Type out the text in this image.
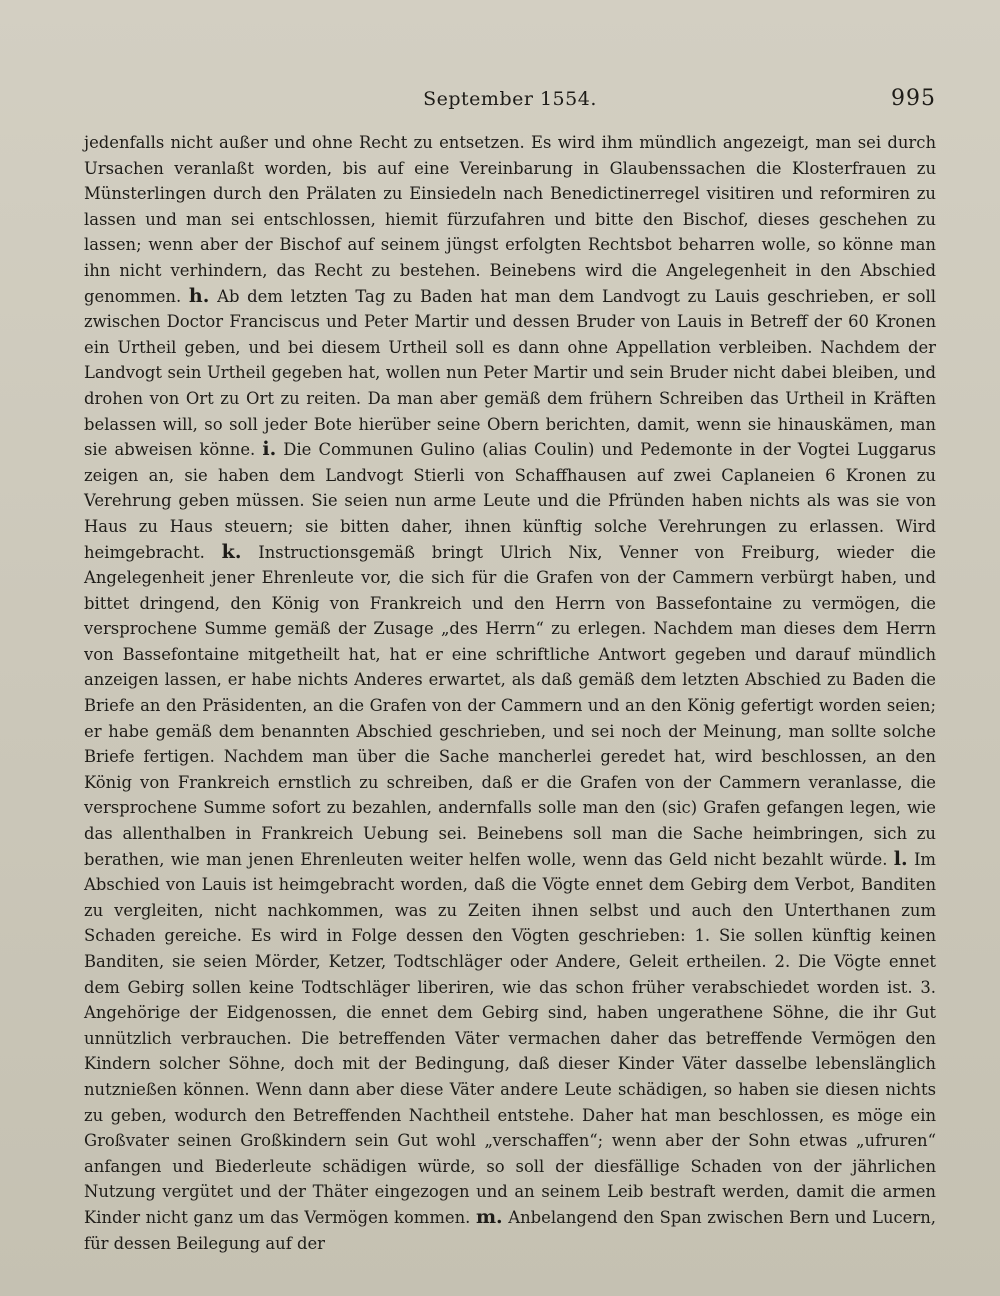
September 1554.	995

jedenfalls nicht außer und ohne Recht zu entsetzen. Es wird ihm mündlich angezeigt, man sei durch Ursachen veranlaßt worden, bis auf eine Vereinbarung in Glaubenssachen die Klosterfrauen zu Münsterlingen durch den Prälaten zu Einsiedeln nach Benedictinerregel visitiren und reformiren zu lassen und man sei entschlossen, hiemit fürzufahren und bitte den Bischof, dieses geschehen zu lassen; wenn aber der Bischof auf seinem jüngst erfolgten Rechtsbot beharren wolle, so könne man ihn nicht verhindern, das Recht zu bestehen. Beinebens wird die Angelegenheit in den Abschied genommen. h. Ab dem letzten Tag zu Baden hat man dem Landvogt zu Lauis geschrieben, er soll zwischen Doctor Franciscus und Peter Martir und dessen Bruder von Lauis in Betreff der 60 Kronen ein Urtheil geben, und bei diesem Urtheil soll es dann ohne Appellation verbleiben. Nachdem der Landvogt sein Urtheil gegeben hat, wollen nun Peter Martir und sein Bruder nicht dabei bleiben, und drohen von Ort zu Ort zu reiten. Da man aber gemäß dem frühern Schreiben das Urtheil in Kräften belassen will, so soll jeder Bote hierüber seine Obern berichten, damit, wenn sie hinauskämen, man sie abweisen könne. i. Die Communen Gulino (alias Coulin) und Pedemonte in der Vogtei Luggarus zeigen an, sie haben dem Landvogt Stierli von Schaffhausen auf zwei Caplaneien 6 Kronen zu Verehrung geben müssen. Sie seien nun arme Leute und die Pfründen haben nichts als was sie von Haus zu Haus steuern; sie bitten daher, ihnen künftig solche Verehrungen zu erlassen. Wird heimgebracht. k. Instructionsgemäß bringt Ulrich Nix, Venner von Freiburg, wieder die Angelegenheit jener Ehrenleute vor, die sich für die Grafen von der Cammern verbürgt haben, und bittet dringend, den König von Frankreich und den Herrn von Bassefontaine zu vermögen, die versprochene Summe gemäß der Zusage „des Herrn“ zu erlegen. Nachdem man dieses dem Herrn von Bassefontaine mitgetheilt hat, hat er eine schriftliche Antwort gegeben und darauf mündlich anzeigen lassen, er habe nichts Anderes erwartet, als daß gemäß dem letzten Abschied zu Baden die Briefe an den Präsidenten, an die Grafen von der Cammern und an den König gefertigt worden seien; er habe gemäß dem benannten Abschied geschrieben, und sei noch der Meinung, man sollte solche Briefe fertigen. Nachdem man über die Sache mancherlei geredet hat, wird beschlossen, an den König von Frankreich ernstlich zu schreiben, daß er die Grafen von der Cammern veranlasse, die versprochene Summe sofort zu bezahlen, andernfalls solle man den (sic) Grafen gefangen legen, wie das allenthalben in Frankreich Uebung sei. Beinebens soll man die Sache heimbringen, sich zu berathen, wie man jenen Ehrenleuten weiter helfen wolle, wenn das Geld nicht bezahlt würde. l. Im Abschied von Lauis ist heimgebracht worden, daß die Vögte ennet dem Gebirg dem Verbot, Banditen zu vergleiten, nicht nachkommen, was zu Zeiten ihnen selbst und auch den Unterthanen zum Schaden gereiche. Es wird in Folge dessen den Vögten geschrieben: 1. Sie sollen künftig keinen Banditen, sie seien Mörder, Ketzer, Todtschläger oder Andere, Geleit ertheilen. 2. Die Vögte ennet dem Gebirg sollen keine Todtschläger liberiren, wie das schon früher verabschiedet worden ist. 3. Angehörige der Eidgenossen, die ennet dem Gebirg sind, haben ungerathene Söhne, die ihr Gut unnützlich verbrauchen. Die betreffenden Väter vermachen daher das betreffende Vermögen den Kindern solcher Söhne, doch mit der Bedingung, daß dieser Kinder Väter dasselbe lebenslänglich nutznießen können. Wenn dann aber diese Väter andere Leute schädigen, so haben sie diesen nichts zu geben, wodurch den Betreffenden Nachtheil entstehe. Daher hat man beschlossen, es möge ein Großvater seinen Großkindern sein Gut wohl „verschaffen“; wenn aber der Sohn etwas „ufruren“ anfangen und Biederleute schädigen würde, so soll der diesfällige Schaden von der jährlichen Nutzung vergütet und der Thäter eingezogen und an seinem Leib bestraft werden, damit die armen Kinder nicht ganz um das Vermögen kommen. m. Anbelangend den Span zwischen Bern und Lucern, für dessen Beilegung auf der
